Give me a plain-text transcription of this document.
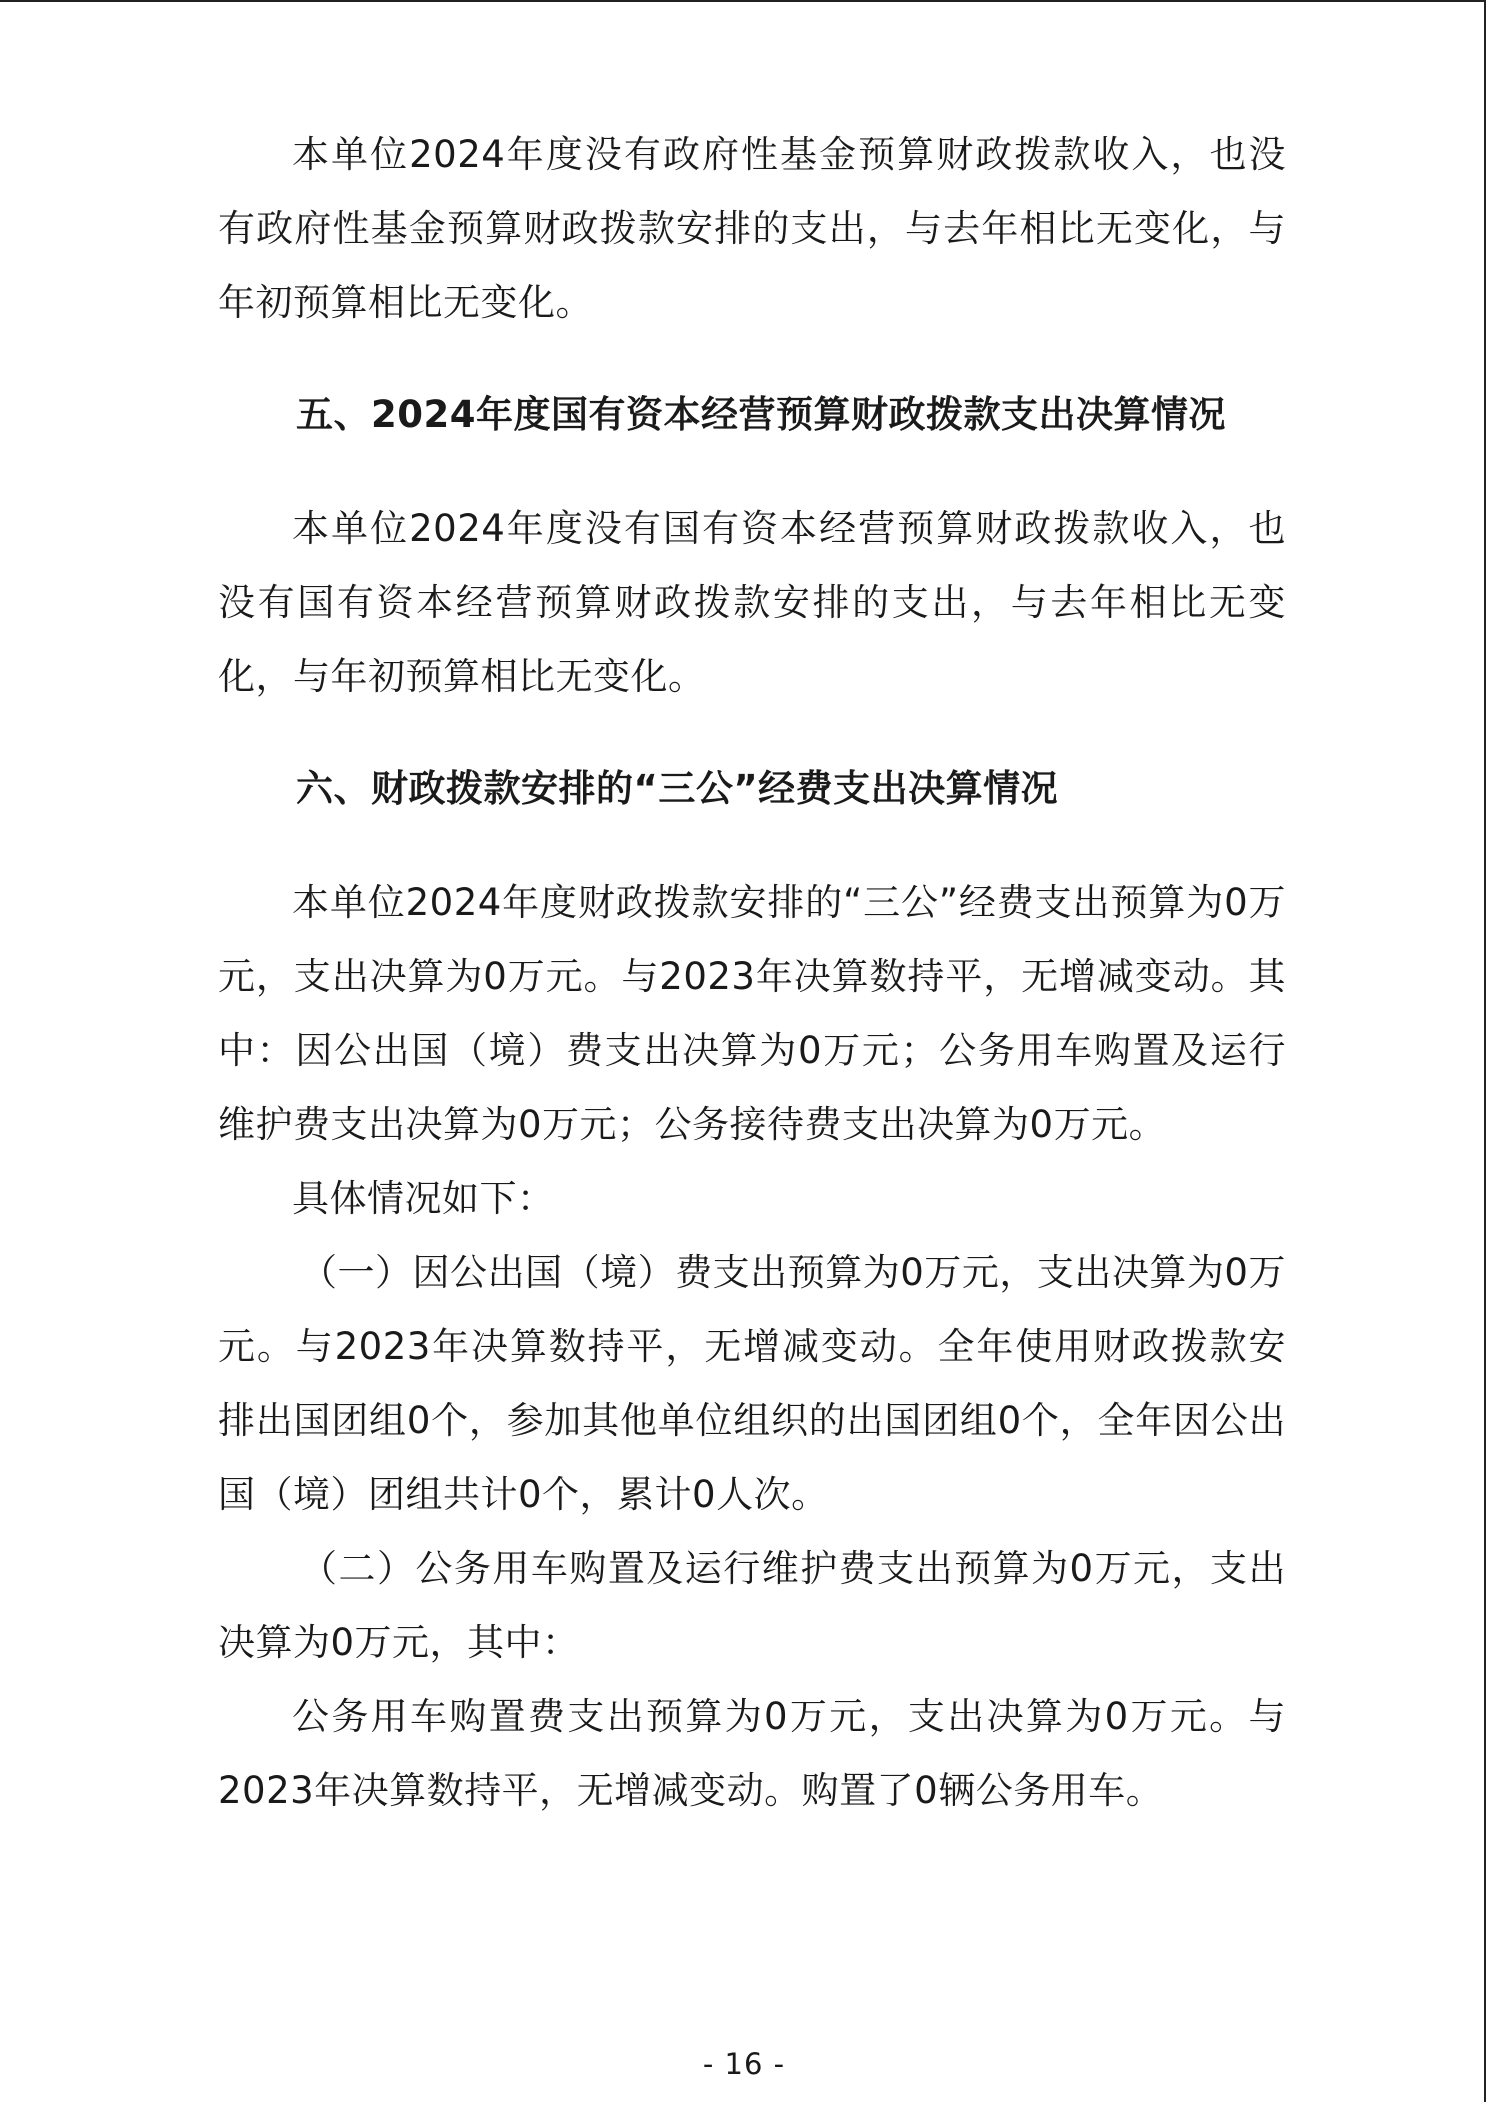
本单位2024年度没有政府性基金预算财政拨款收入，也没有政府性基金预算财政拨款安排的支出，与去年相比无变化，与年初预算相比无变化。

五、2024年度国有资本经营预算财政拨款支出决算情况

本单位2024年度没有国有资本经营预算财政拨款收入，也没有国有资本经营预算财政拨款安排的支出，与去年相比无变化，与年初预算相比无变化。

六、财政拨款安排的“三公”经费支出决算情况

本单位2024年度财政拨款安排的“三公”经费支出预算为0万元，支出决算为0万元。与2023年决算数持平，无增减变动。其中：因公出国（境）费支出决算为0万元；公务用车购置及运行维护费支出决算为0万元；公务接待费支出决算为0万元。

具体情况如下：

（一）因公出国（境）费支出预算为0万元，支出决算为0万元。与2023年决算数持平，无增减变动。全年使用财政拨款安排出国团组0个，参加其他单位组织的出国团组0个，全年因公出国（境）团组共计0个，累计0人次。

（二）公务用车购置及运行维护费支出预算为0万元，支出决算为0万元，其中：

公务用车购置费支出预算为0万元，支出决算为0万元。与2023年决算数持平，无增减变动。购置了0辆公务用车。

- 16 -
